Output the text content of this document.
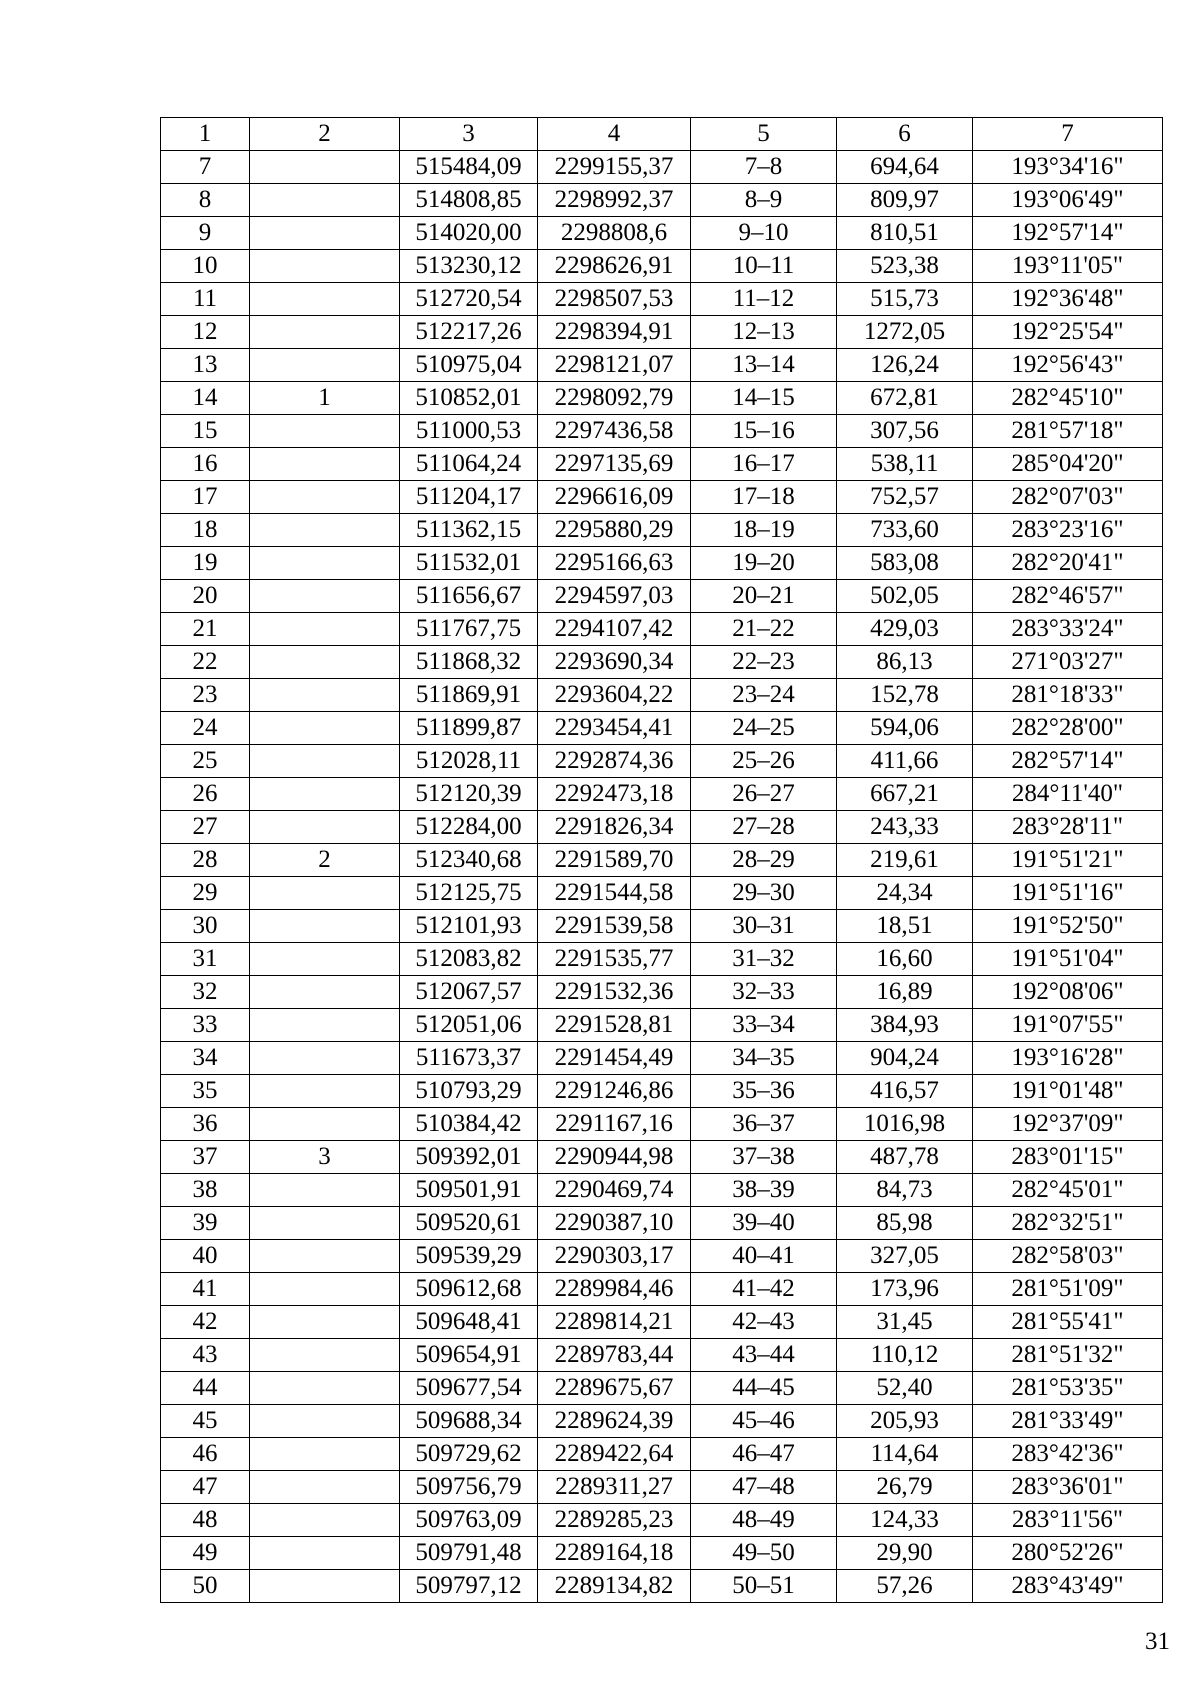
1	2	3	4	5	6	7
7		515484,09	2299155,37	7–8	694,64	193°34'16"
8		514808,85	2298992,37	8–9	809,97	193°06'49"
9		514020,00	2298808,6	9–10	810,51	192°57'14"
10		513230,12	2298626,91	10–11	523,38	193°11'05"
11		512720,54	2298507,53	11–12	515,73	192°36'48"
12		512217,26	2298394,91	12–13	1272,05	192°25'54"
13		510975,04	2298121,07	13–14	126,24	192°56'43"
14	1	510852,01	2298092,79	14–15	672,81	282°45'10"
15		511000,53	2297436,58	15–16	307,56	281°57'18"
16		511064,24	2297135,69	16–17	538,11	285°04'20"
17		511204,17	2296616,09	17–18	752,57	282°07'03"
18		511362,15	2295880,29	18–19	733,60	283°23'16"
19		511532,01	2295166,63	19–20	583,08	282°20'41"
20		511656,67	2294597,03	20–21	502,05	282°46'57"
21		511767,75	2294107,42	21–22	429,03	283°33'24"
22		511868,32	2293690,34	22–23	86,13	271°03'27"
23		511869,91	2293604,22	23–24	152,78	281°18'33"
24		511899,87	2293454,41	24–25	594,06	282°28'00"
25		512028,11	2292874,36	25–26	411,66	282°57'14"
26		512120,39	2292473,18	26–27	667,21	284°11'40"
27		512284,00	2291826,34	27–28	243,33	283°28'11"
28	2	512340,68	2291589,70	28–29	219,61	191°51'21"
29		512125,75	2291544,58	29–30	24,34	191°51'16"
30		512101,93	2291539,58	30–31	18,51	191°52'50"
31		512083,82	2291535,77	31–32	16,60	191°51'04"
32		512067,57	2291532,36	32–33	16,89	192°08'06"
33		512051,06	2291528,81	33–34	384,93	191°07'55"
34		511673,37	2291454,49	34–35	904,24	193°16'28"
35		510793,29	2291246,86	35–36	416,57	191°01'48"
36		510384,42	2291167,16	36–37	1016,98	192°37'09"
37	3	509392,01	2290944,98	37–38	487,78	283°01'15"
38		509501,91	2290469,74	38–39	84,73	282°45'01"
39		509520,61	2290387,10	39–40	85,98	282°32'51"
40		509539,29	2290303,17	40–41	327,05	282°58'03"
41		509612,68	2289984,46	41–42	173,96	281°51'09"
42		509648,41	2289814,21	42–43	31,45	281°55'41"
43		509654,91	2289783,44	43–44	110,12	281°51'32"
44		509677,54	2289675,67	44–45	52,40	281°53'35"
45		509688,34	2289624,39	45–46	205,93	281°33'49"
46		509729,62	2289422,64	46–47	114,64	283°42'36"
47		509756,79	2289311,27	47–48	26,79	283°36'01"
48		509763,09	2289285,23	48–49	124,33	283°11'56"
49		509791,48	2289164,18	49–50	29,90	280°52'26"
50		509797,12	2289134,82	50–51	57,26	283°43'49"
31
